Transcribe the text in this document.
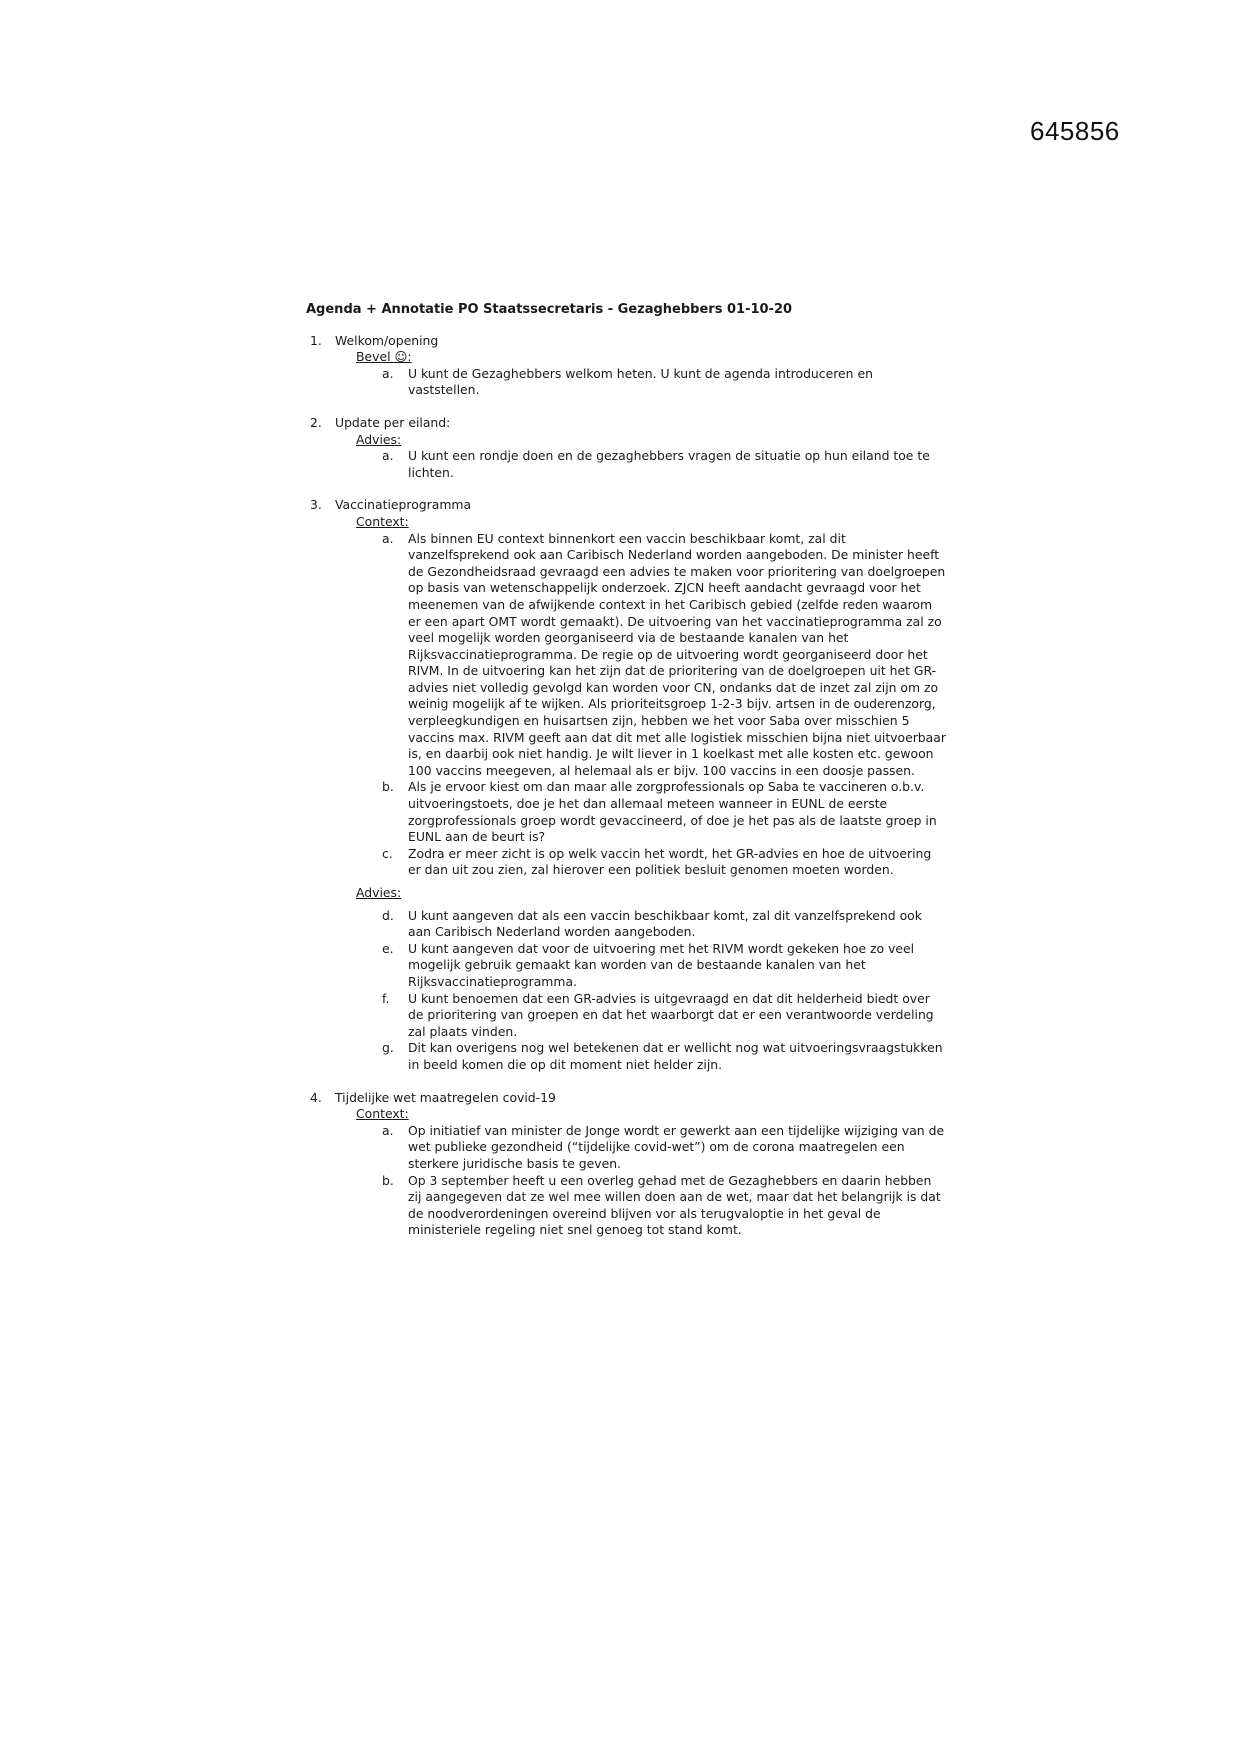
645856
Agenda + Annotatie PO Staatssecretaris - Gezaghebbers 01-10-20
1.	Welkom/opening
Bevel ☺:
a.	U kunt de Gezaghebbers welkom heten. U kunt de agenda introduceren en vaststellen.
2.	Update per eiland:
Advies:
a.	U kunt een rondje doen en de gezaghebbers vragen de situatie op hun eiland toe te lichten.
3.	Vaccinatieprogramma
Context:
a.	Als binnen EU context binnenkort een vaccin beschikbaar komt, zal dit vanzelfsprekend ook aan Caribisch Nederland worden aangeboden. De minister heeft de Gezondheidsraad gevraagd een advies te maken voor prioritering van doelgroepen op basis van wetenschappelijk onderzoek. ZJCN heeft aandacht gevraagd voor het meenemen van de afwijkende context in het Caribisch gebied (zelfde reden waarom er een apart OMT wordt gemaakt). De uitvoering van het vaccinatieprogramma zal zo veel mogelijk worden georganiseerd via de bestaande kanalen van het Rijksvaccinatieprogramma. De regie op de uitvoering wordt georganiseerd door het RIVM. In de uitvoering kan het zijn dat de prioritering van de doelgroepen uit het GR-advies niet volledig gevolgd kan worden voor CN, ondanks dat de inzet zal zijn om zo weinig mogelijk af te wijken. Als prioriteitsgroep 1-2-3 bijv. artsen in de ouderenzorg, verpleegkundigen en huisartsen zijn, hebben we het voor Saba over misschien 5 vaccins max. RIVM geeft aan dat dit met alle logistiek misschien bijna niet uitvoerbaar is, en daarbij ook niet handig. Je wilt liever in 1 koelkast met alle kosten etc. gewoon 100 vaccins meegeven, al helemaal als er bijv. 100 vaccins in een doosje passen.
b.	Als je ervoor kiest om dan maar alle zorgprofessionals op Saba te vaccineren o.b.v. uitvoeringstoets, doe je het dan allemaal meteen wanneer in EUNL de eerste zorgprofessionals groep wordt gevaccineerd, of doe je het pas als de laatste groep in EUNL aan de beurt is?
c.	Zodra er meer zicht is op welk vaccin het wordt, het GR-advies en hoe de uitvoering er dan uit zou zien, zal hierover een politiek besluit genomen moeten worden.
Advies:
d.	U kunt aangeven dat als een vaccin beschikbaar komt, zal dit vanzelfsprekend ook aan Caribisch Nederland worden aangeboden.
e.	U kunt aangeven dat voor de uitvoering met het RIVM wordt gekeken hoe zo veel mogelijk gebruik gemaakt kan worden van de bestaande kanalen van het Rijksvaccinatieprogramma.
f.	U kunt benoemen dat een GR-advies is uitgevraagd en dat dit helderheid biedt over de prioritering van groepen en dat het waarborgt dat er een verantwoorde verdeling zal plaats vinden.
g.	Dit kan overigens nog wel betekenen dat er wellicht nog wat uitvoeringsvraagstukken in beeld komen die op dit moment niet helder zijn.
4.	Tijdelijke wet maatregelen covid-19
Context:
a.	Op initiatief van minister de Jonge wordt er gewerkt aan een tijdelijke wijziging van de wet publieke gezondheid (“tijdelijke covid-wet”) om de corona maatregelen een sterkere juridische basis te geven.
b.	Op 3 september heeft u een overleg gehad met de Gezaghebbers en daarin hebben zij aangegeven dat ze wel mee willen doen aan de wet, maar dat het belangrijk is dat de noodverordeningen overeind blijven vor als terugvaloptie in het geval de ministeriele regeling niet snel genoeg tot stand komt.
